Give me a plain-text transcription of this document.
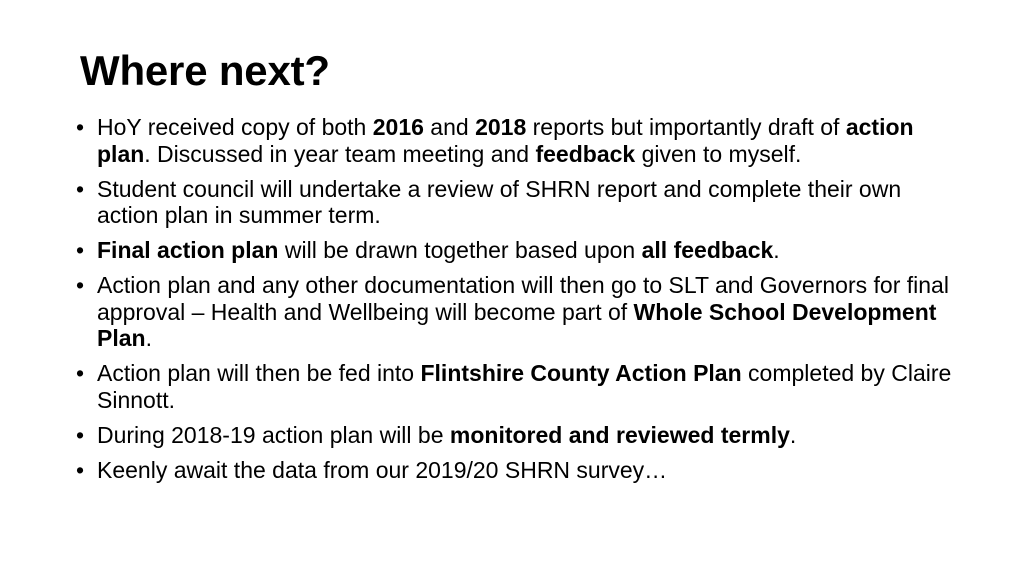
Where next?
• HoY received copy of both 2016 and 2018 reports but importantly draft of action plan. Discussed in year team meeting and feedback given to myself.
• Student council will undertake a review of SHRN report and complete their own action plan in summer term.
• Final action plan will be drawn together based upon all feedback.
• Action plan and any other documentation will then go to SLT and Governors for final approval – Health and Wellbeing will become part of Whole School Development Plan.
• Action plan will then be fed into Flintshire County Action Plan completed by Claire Sinnott.
• During 2018-19 action plan will be monitored and reviewed termly.
• Keenly await the data from our 2019/20 SHRN survey…
